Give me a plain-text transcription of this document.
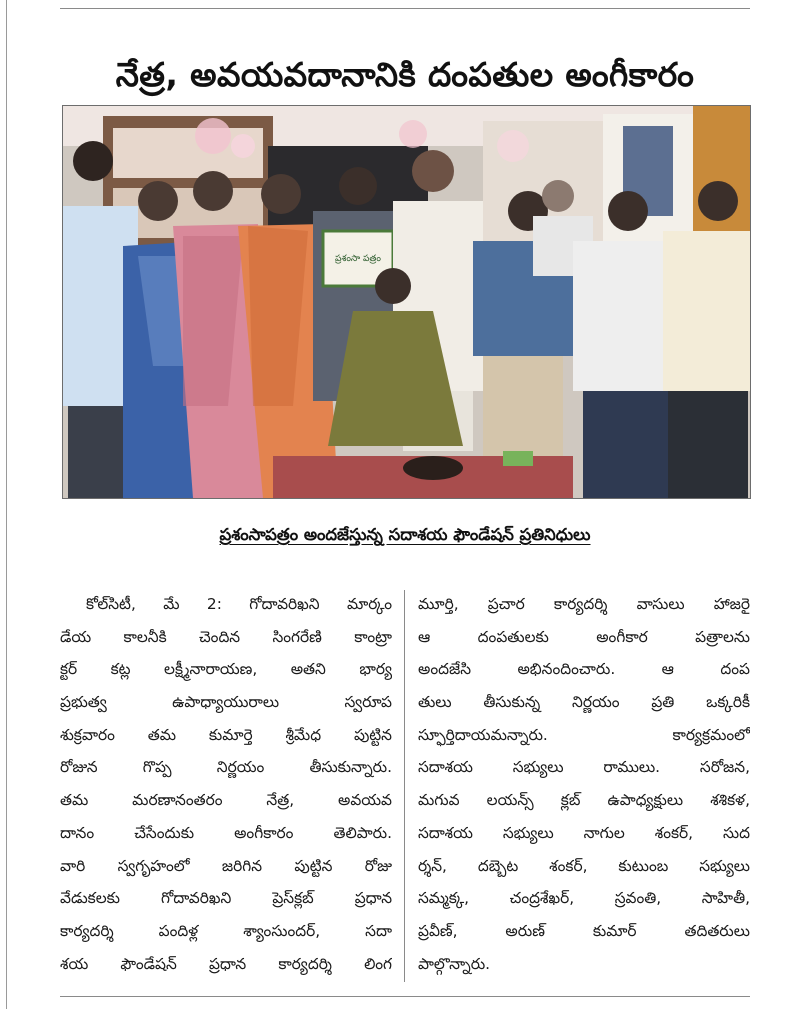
నేత్ర, అవయవదానానికి దంపతుల అంగీకారం
ప్రశంసా పత్రం
ప్రశంసాపత్రం అందజేస్తున్న సదాశయ ఫౌండేషన్‌ ప్రతినిధులు
కోల్‌సిటీ, మే 2: గోదావరిఖని మార్కం
డేయ కాలనీకి చెందిన సింగరేణి కాంట్రా
క్టర్‌ కట్ల లక్ష్మీనారాయణ, అతని భార్య
ప్రభుత్వ ఉపాధ్యాయురాలు స్వరూప
శుక్రవారం తమ కుమార్తె శ్రీమేధ పుట్టిన
రోజున గొప్ప నిర్ణయం తీసుకున్నారు.
తమ మరణానంతరం నేత్ర, అవయవ
దానం చేసేందుకు అంగీకారం తెలిపారు.
వారి స్వగృహంలో జరిగిన పుట్టిన రోజు
వేడుకలకు గోదావరిఖని ప్రెస్‌క్లబ్‌ ప్రధాన
కార్యదర్శి పందిళ్ల శ్యాంసుందర్‌, సదా
శయ ఫౌండేషన్‌ ప్రధాన కార్యదర్శి లింగ
మూర్తి, ప్రచార కార్యదర్శి వాసులు హాజరై
ఆ దంపతులకు అంగీకార పత్రాలను
అందజేసి అభినందించారు. ఆ దంప
తులు తీసుకున్న నిర్ణయం ప్రతి ఒక్కరికీ
స్ఫూర్తిదాయమన్నారు. కార్యక్రమంలో
సదాశయ సభ్యులు రాములు. సరోజన,
మగువ లయన్స్‌ క్లబ్‌ ఉపాధ్యక్షులు శశికళ,
సదాశయ సభ్యులు నాగుల శంకర్‌, సుద
ర్శన్‌, దబ్బెట శంకర్‌, కుటుంబ సభ్యులు
సమ్మక్క, చంద్రశేఖర్‌, స్రవంతి, సాహితీ,
ప్రవీణ్‌, అరుణ్‌ కుమార్‌ తదితరులు
పాల్గొన్నారు.
